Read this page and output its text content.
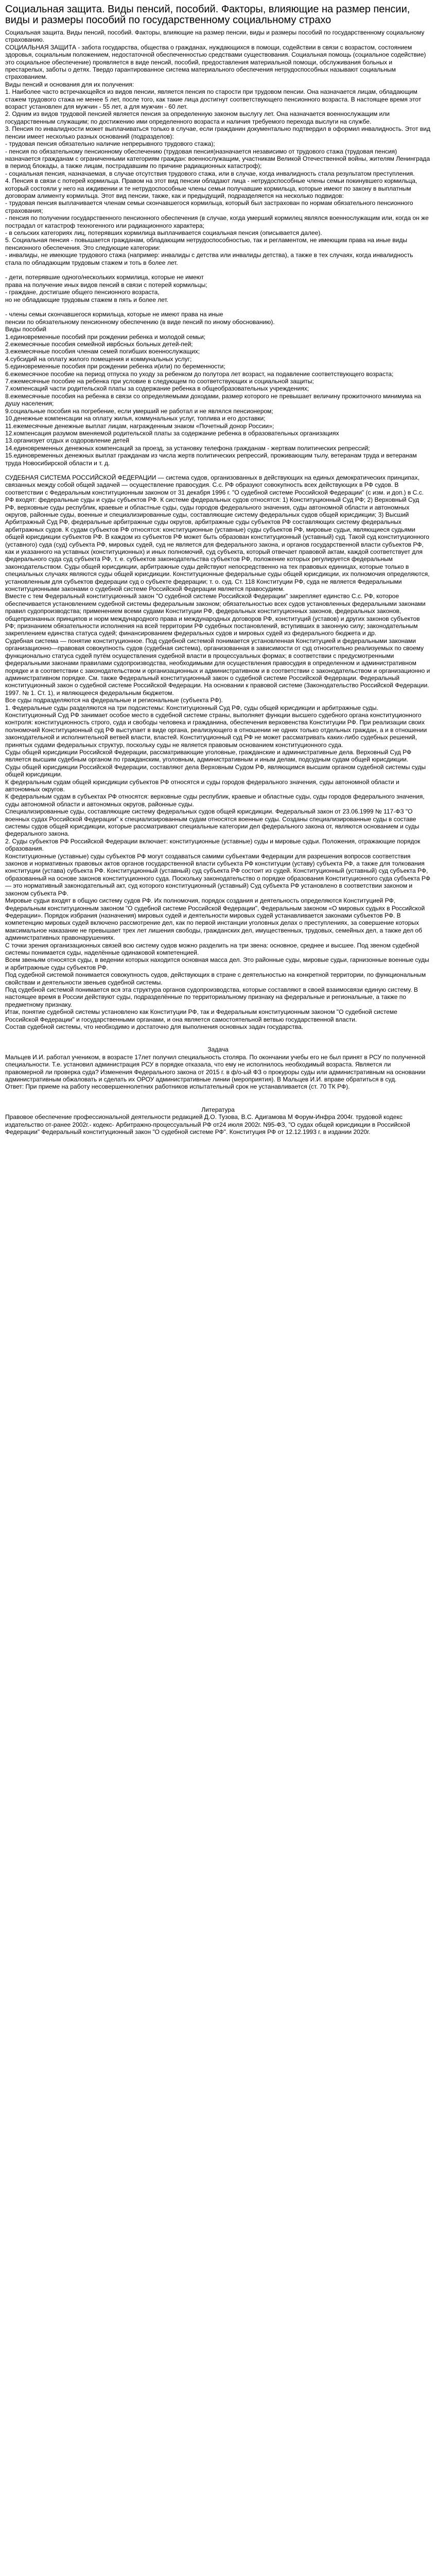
Социальная защита. Виды пенсий, пособий. Факторы, влияющие на размер пенсии, виды и размеры пособий по государственному социальному страхо

Социальная защита. Виды пенсий, пособий. Факторы, влияющие на размер пенсии, виды и размеры пособий по государственному социальному страхованию.

СОЦИАЛЬНАЯ ЗАЩИТА - забота государства, общества о гражданах, нуждающихся в помощи, содействии в связи с возрастом, состоянием здоровья, социальным положением, недостаточной обеспеченностью средствами существования. Социальная помощь (социальное содействие) это социальное обеспечение) проявляется в виде пенсий, пособий, предоставления материальной помощи, обслуживания больных и престарелых, заботы о детях. Твердо гарантированное система материального обеспечения нетрудоспособных называют социальным страхованием.

Виды пенсий и основания для их получения:

1. Наиболее часто встречающейся из видов пенсии, является пенсия по старости при трудовом пенсии. Она назначается лицам, обладающим стажем трудового стажа не менее 5 лет, после того, как такие лица достигнут соответствующего пенсионного возраста. В настоящее время этот возраст установлен для мужчин - 55 лет, а для мужчин - 60 лет.

2. Одним из видов трудовой пенсией является пенсия за определенную законом выслугу лет. Она назначается военнослужащим или государственным служащим; по достижению ими определенного возраста и наличия требуемого перехода выслуги на службе.

3. Пенсия по инвалидности может выплачиваться только в случае, если гражданин документально подтвердил в оформил инвалидность. Этот вид пенсии имеет несколько разных оснований (подразделов):

- трудовая пенсия обязательно наличие непрерывного трудового стажа);

- пенсия по обязательному пенсионному обеспечению (трудовая пенсия)назначается независимо от трудового стажа (трудовая пенсия) назначается гражданам с ограниченными категориям граждан: военнослужащим, участникам Великой Отечественной войны, жителям Ленинграда в период блокады, а также лицам, пострадавшим по причине радиационных катастроф);

- социальная пенсия, назначаемая, в случае отсутствия трудового стажа, или в случае, когда инвалидность стала результатом преступления.

4. Пенсия в связи с потерей кормильца. Правом на этот вид пенсии обладают лица - нетрудоспособные члены семьи покинувшего кормильца, который состояли у него на иждивении и те нетрудоспособные члены семьи получавшие кормильца, которые имеют по закону в выплатным договорам алименту кормильца. Этот вид пенсии, также, как и предыдущий, подразделяется на несколько подвидов:

- трудовая пенсия выплачивается членам семьи скончавшегося кормильца, который был застрахован по нормам обязательного пенсионного страхования;

- пенсия по получении государственного пенсионного обеспечения (в случае, когда умерший кормилец являлся военнослужащим или, когда он же пострадал от катастроф техногенного или радиационного характера;

- в сельских категориях лиц, потерявших кормилица выплачивается социальная пенсия (описывается далее).

5. Социальная пенсия - повышается гражданам, обладающим нетрудоспособностью, так и регламентом, не имеющим права на иные виды пенсионного обеспечения. Это следующие категории:

- инвалиды, не имеющие трудового стажа (например: инвалиды с детства или инвалиды детства), а также в тех случаях, когда инвалидность стала по обладающим трудовым стажем и тоть в более лет.

- дети, потерявшие одного/нескольких кормилица, которые не имеют

права на получение иных видов пенсий в связи с потерей кормильцы;

- граждане, достигшие общего пенсионного возраста,

но не обладающие трудовым стажем в пять и более лет.

- члены семьи скончавшегося кормильца, которые не имеют права на иные

пенсии по обязательному пенсионному обеспечению (в виде пенсий по иному обоснованию).

Виды пособий

1.единовременные пособий при рождении ребенка и молодой семьи;

2.ежемесячные пособия семейной иврбсных больных детей-пей;

3.ежемесячные пособия членам семей погибших военнослужащих;

4.субсидий на оплату жилого помещения и коммунальных услуг;

5.единовременные пособия при рождении ребенка и(или) по беременности;

6.ежемесячное пособие на период отпуска по уходу за ребенком до полутора лет возраст, на подавление соответствующего возраста;

7.ежемесячные пособие на ребенка при условие в следующем по соответствующих и социальной защиты;

7.компенсаций части родительской платы за содержание ребенка в общеобразовательных учреждениях;

8.ежемесячные пособия на ребенка в связи со определяемыми доходами, размер которого не превышает величину прожиточного минимума на душу населения;

9.социальные пособия на погребение, если умерший не работал и не являлся пенсионером;

10.денежные компенсации на оплату жилья, коммунальных услуг, топлива и его доставки;

11.ежемесячные денежные выплат лицам, награжденным знаком «Почетный донор России»;

12.компенсация разумом вменяемой родительской платы за содержание ребенка в образовательных организациях

13.организует отдых и оздоровление детей

14.единовременных денежных компенсаций за проезд, за установку телефона гражданам - жертвам политических репрессий;

15.единовременных денежных выплат гражданам из числа жертв политических репрессий, проживающим тылу, ветеранам труда и ветеранам труда Новосибирской области и т. д.

СУДЕБНАЯ СИСТЕМА РОССИЙСКОЙ ФЕДЕРАЦИИ — система судов, организованных в действующих на единых демократических принципах, связанных между собой общей задачей — осуществление правосудия. С.с. РФ образуют совокупность всех действующих в РФ судов. В соответствии с Федеральным конституционным законом от 31 декабря 1996 г. "О судебной системе Российской Федерации" (с изм. и доп.) в С.с. РФ входят: федеральные суды и суды субъектов РФ. К системе федеральных судов относятся: 1) Конституционный Суд РФ; 2) Верховный Суд РФ, верховные суды республик, краевые и областные суды, суды городов федерального значения, суды автономной области и автономных округов, районные суды, военные и специализированные суды, составляющие систему федеральных судов общей юрисдикции; 3) Высший Арбитражный Суд РФ, федеральные арбитражные суды округов, арбитражные суды субъектов РФ составляющих систему федеральных арбитражных судов. К судам субъектов РФ относятся: конституционные (уставные) суды субъектов РФ, мировые судьи, являющиеся судьями общей юрисдикции субъектов РФ. В каждом из субъектов РФ может быть образован конституционный (уставный) суд. Такой суд конституционного (уставного) суда (суд) субъекта РФ, мировых судей, суд не является для федерального закона, и органов государственной власти субъектов РФ, как и указанного на уставных (конституционных) и иных полномочий, суд субъекта, который отвечает правовой актам, каждой соответствует для федерального суда суд субъекта РФ, т. е. субъектов законодательства субъектов РФ, положение которых регулируется федеральным законодательством. Суды общей юрисдикции, арбитражные суды действуют непосредственно на тех правовых единицах, которые только в специальных случаях являются суды общей юрисдикции. Конституционные федеральные суды общей юрисдикции, их полномочия определяются, установленным для субъектов федерации суд о субъекте федерации; т. о. суд. Ст. 118 Конституции РФ, суда не является Федеральными конституционными законами о судебной системе Российской Федерации является правосудием.

Вместе с тем Федеральный конституционный закон "О судебной системе Российской Федерации" закрепляет единство С.с. РФ, которое обеспечивается установлением судебной системы федеральным законом; обязательностью всех судов установленных федеральными законами правил судопроизводства; применением всеми судами Конституции РФ, федеральных конституционных законов, федеральных законов, общепризнанных принципов и норм международного права и международных договоров РФ, конституций (уставов) и других законов субъектов РФ; признанием обязательности исполнения на всей территории РФ судебных постановлений, вступивших в законную силу; законодательным закреплением единства статуса судей; финансированием федеральных судов и мировых судей из федерального бюджета и др.

Судебная система — понятие конституционное. Под судебной системой понимается установленная Конституцией и федеральными законами организационно—правовая совокупность судов (судебная система), организованная в зависимости от суд относительно реализуемых по своему функционально статуса судей путём осуществления судебной власти в процессуальных формах; в соответствии с предусмотренными федеральными законами правилами судопроизводства, необходимыми для осуществления правосудия в определенном и административном порядке и в соответствии с законодательством и организационных и административном и в соответствии с законодательством и организационно и административном порядке. См. также Федеральный конституционный закон о судебной системе Российской Федерации. Федеральный конституционный закон о судебной системе Российской Федерации. На основании к правовой системе (Законодательство Российской Федерации. 1997. № 1. Ст. 1), и являющееся федеральным бюджетом.

Все суды подразделяются на федеральные и региональные (субъекта РФ).

1. Федеральные суды разделяются на три подсистемы: Конституционный Суд РФ, суды общей юрисдикции и арбитражные суды.

Конституционный Суд РФ занимает особое место в судебной системе страны, выполняет функции высшего судебного органа конституционного контроля: конституционность строго, суда и свободы человека и гражданина, обеспечения верховенства Конституции РФ. При реализации своих полномочий Конституционный суд РФ выступает в виде органа, реализующего в отношении не одних только отдельных граждан, а и в отношении законодательной и исполнительной ветвей власти, властей. Конституционный суд РФ не может рассматривать каких-либо судебных решений, принятых судами федеральных структур, поскольку суды не является правовым основанием конституционного суда.

Суды общей юрисдикции Российской Федерации, рассматривающие уголовные, гражданские и административные дела. Верховный Суд РФ является высшим судебным органом по гражданским, уголовным, административным и иным делам, подсудным судам общей юрисдикции.

Суды общей юрисдикции Российской Федерации, составляют дела Верховным Судом РФ, являющимся высшим органом судебной системы суды общей юрисдикции.

К федеральным судам общей юрисдикции субъектов РФ относятся и суды городов федерального значения, суды автономной области и автономных округов.

К федеральным судам в субъектах РФ относятся: верховные суды республик, краевые и областные суды, суды городов федерального значения, суды автономной области и автономных округов, районные суды.

Специализированные суды, составляющие систему федеральных судов общей юрисдикции. Федеральный закон от 23.06.1999 № 117-ФЗ "О военных судах Российской Федерации" к специализированным судам относятся военные суды. Созданы специализированные суды в составе системы судов общей юрисдикции, которые рассматривают специальные категории дел федерального закона от, являются основанием и суды федерального закона.

2. Суды субъектов РФ Российской Федерации включает: конституционные (уставные) суды и мировые судьи. Положения, отражающие порядок образования.

Конституционные (уставные) суды субъектов РФ могут создаваться самими субъектами Федерации для разрешения вопросов соответствия законов и нормативных правовых актов органов государственной власти субъекта РФ конституции (уставу) субъекта РФ, а также для толкования конституции (устава) субъекта РФ. Конституционный (уставный) суд субъекта РФ состоит из судей. Конституционный (уставный) суд субъекта РФ, образованный на основе законов конституционного суда. Поскольку законодательство о порядке образования Конституционного суда субъекта РФ — это нормативный законодательный акт, суд которого конституционный (уставный) Суд субъекта РФ установлено в соответствии законом и законом субъекта РФ.

Мировые судьи входят в общую систему судов РФ. Их полномочия, порядок создания и деятельность определяются Конституцией РФ, Федеральным конституционным законом "О судебной системе Российской Федерации", Федеральным законом «О мировых судьях в Российской Федерации». Порядок избрания (назначения) мировых судей и деятельности мировых судей устанавливается законами субъектов РФ. В компетенцию мировых судей включено рассмотрение дел, как по первой инстанции уголовных делах о преступлениях, за совершение которых максимальное наказание не превышает трех лет лишения свободы, гражданских дел, имущественных, трудовых, семейных дел, а также дел об административных правонарушениях.

С точки зрения организационных связей всю систему судов можно разделить на три звена: основное, среднее и высшее. Под звеном судебной системы понимается суды, наделённые одинаковой компетенцией.

Всем звеньям относятся суды, в ведении которых находится основная масса дел. Это районные суды, мировые судьи, гарнизонные военные суды и арбитражные суды субъектов РФ.

Под судебной системой понимается совокупность судов, действующих в стране с деятельностью на конкретной территории, по функциональным свойствам и деятельности звеньев судебной системы.

Под судебной системой понимается вся эта структура органов судопроизводства, которые составляют в своей взаимосвязи единую систему. В настоящее время в России действуют суды, подразделённые по территориальному признаку на федеральные и региональные, а также по предметному признаку.

Итак, понятие судебной системы установлено как Конституции РФ, так и Федеральным конституционным законом "О судебной системе Российской Федерации" и государственными органами, и она является самостоятельной ветвью государственной власти.

Состав судебной системы, что необходимо и достаточно для выполнения основных задач государства.

Задача

Мальцев И.И. работал учеником, в возрасте 17лет получил специальность столяра. По окончании учебы его не был принят в РСУ по полученной специальности. Т.е. установил администрация РСУ в порядке отказала, что ему не исполнилось необходимый возраста. Является ли правомерной ли проверка суда? Изменения Федерального закона от 2015 г. в ф/о-ый ФЗ о прокуроры суды или административным на основании административным обжаловать и сделать их ОРОУ административные линии (мероприятия). В Мальцев И.И. вправе обратиться в суд.

Ответ: При приеме на работу несовершеннолетних работников испытательный срок не устанавливается (ст. 70 ТК РФ).

Литература

Правовое обеспечение профессиональной деятельности редакцией Д.О. Тузова, В.С. Адигамова М Форум-Инфра 2004г. трудовой кодекс издательство от-ранее 2002г.- кодекс- Арбитражно-процессуальный РФ от24 июля 2002г. N95-ФЗ, "О судах общей юрисдикции в Российской Федерации" Федеральный конституционный закон "О судебной системе РФ". Конституция РФ от 12.12.1993 г. в издании 2020г.
